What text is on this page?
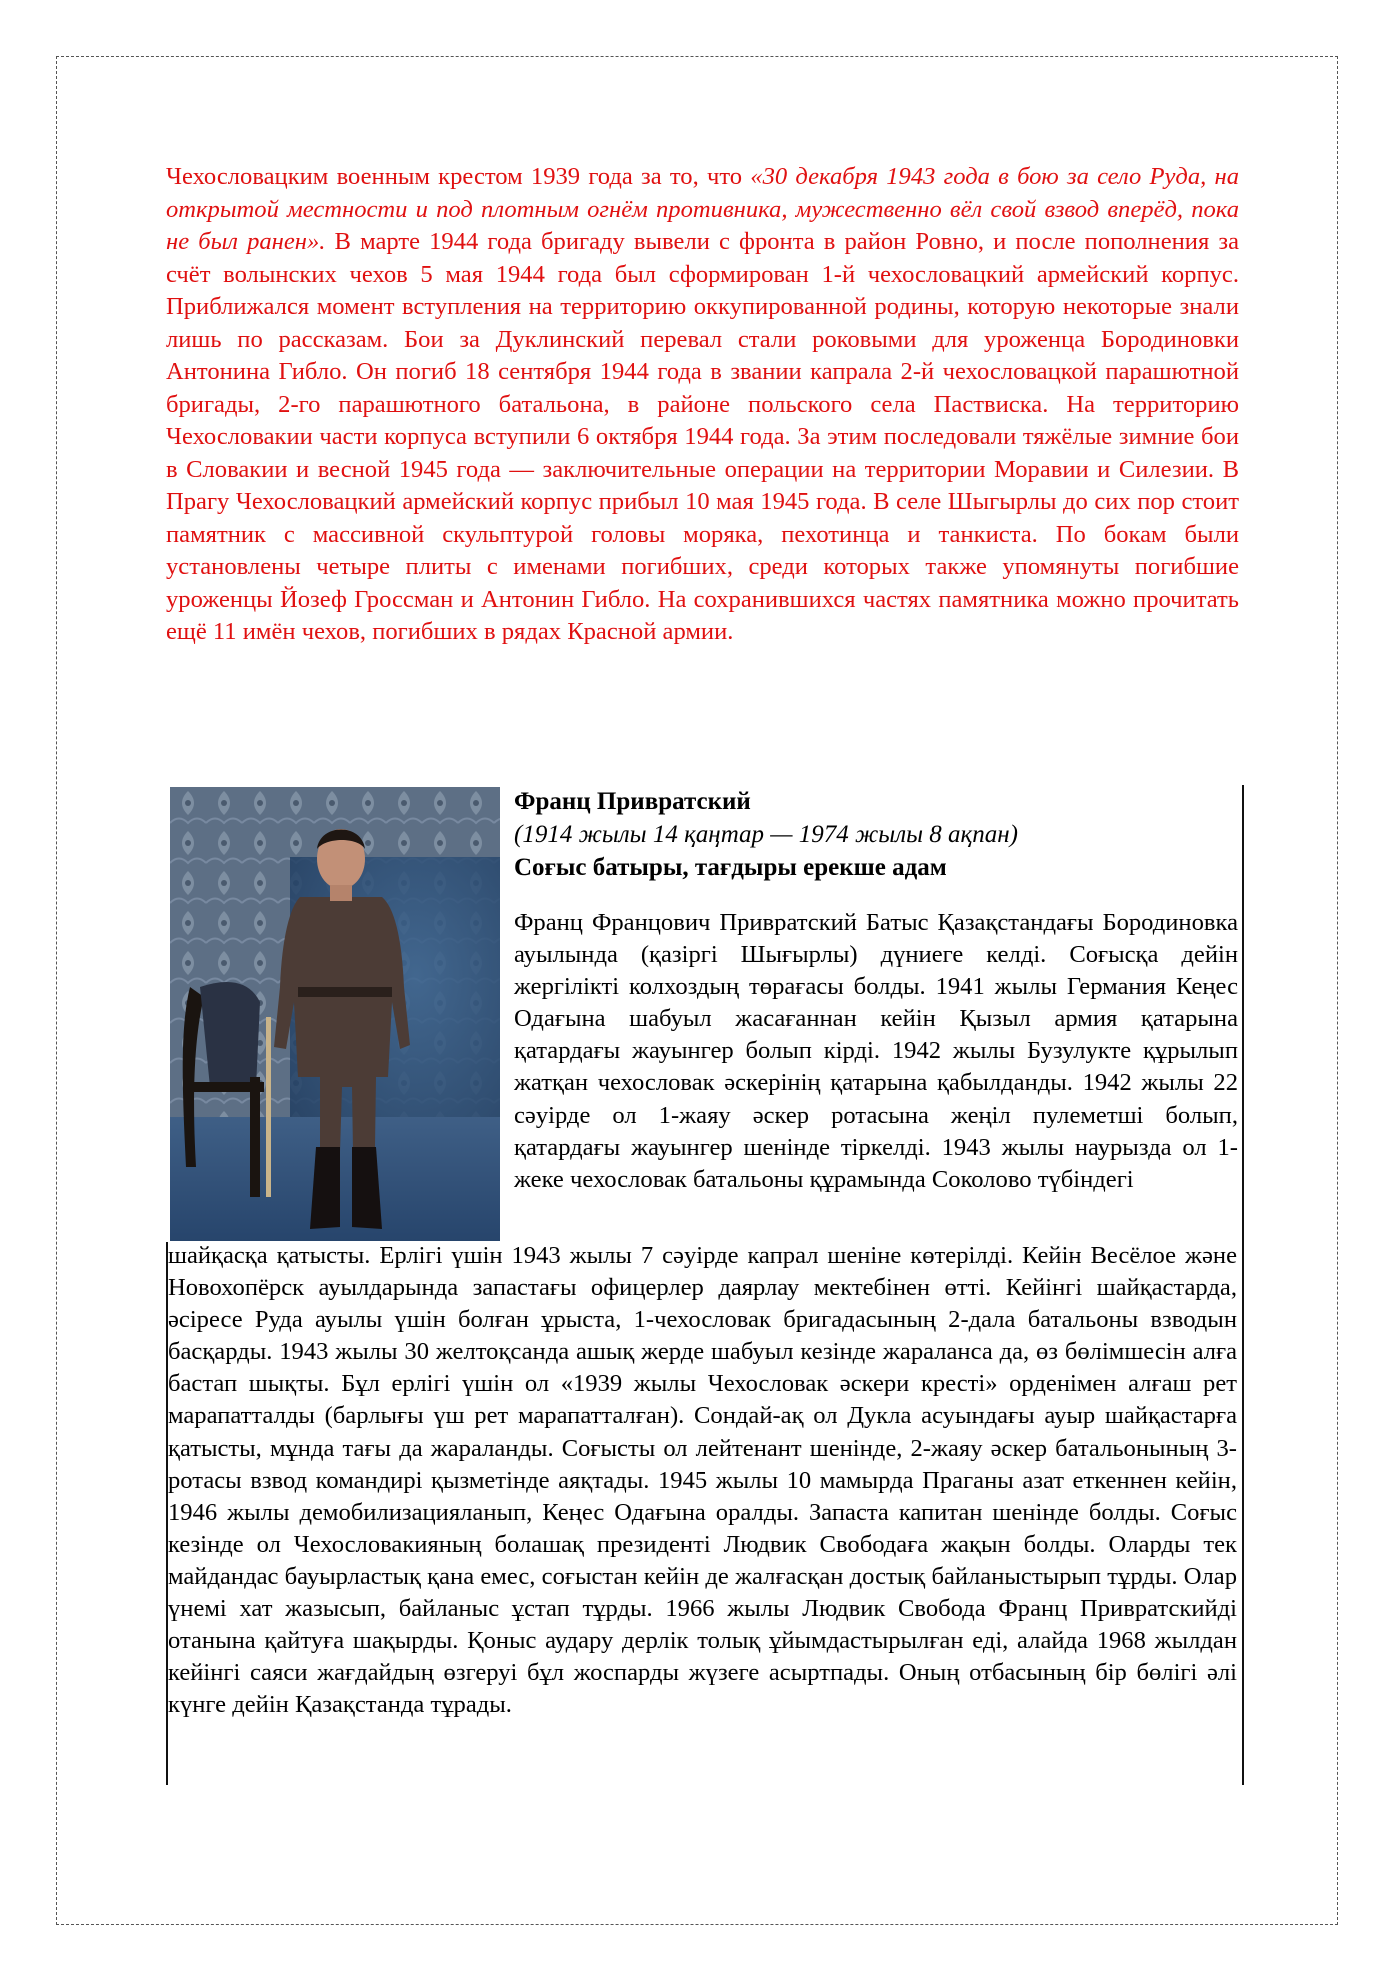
Чехословацким военным крестом 1939 года за то, что «30 декабря 1943 года в бою за село Руда, на открытой местности и под плотным огнём противника, мужественно вёл свой взвод вперёд, пока не был ранен». В марте 1944 года бригаду вывели с фронта в район Ровно, и после пополнения за счёт волынских чехов 5 мая 1944 года был сформирован 1-й чехословацкий армейский корпус. Приближался момент вступления на территорию оккупированной родины, которую некоторые знали лишь по рассказам. Бои за Дуклинский перевал стали роковыми для уроженца Бородиновки Антонина Гибло. Он погиб 18 сентября 1944 года в звании капрала 2-й чехословацкой парашютной бригады, 2-го парашютного батальона, в районе польского села Паствиска. На территорию Чехословакии части корпуса вступили 6 октября 1944 года. За этим последовали тяжёлые зимние бои в Словакии и весной 1945 года — заключительные операции на территории Моравии и Силезии. В Прагу Чехословацкий армейский корпус прибыл 10 мая 1945 года. В селе Шыгырлы до сих пор стоит памятник с массивной скульптурой головы моряка, пехотинца и танкиста. По бокам были установлены четыре плиты с именами погибших, среди которых также упомянуты погибшие уроженцы Йозеф Гроссман и Антонин Гибло. На сохранившихся частях памятника можно прочитать ещё 11 имён чехов, погибших в рядах Красной армии.

Франц Привратский

(1914 жылы 14 қаңтар — 1974 жылы 8 ақпан)

Соғыс батыры, тағдыры ерекше адам

Франц Францович Привратский Батыс Қазақстандағы Бородиновка ауылында (қазіргі Шығырлы) дүниеге келді. Соғысқа дейін жергілікті колхоздың төрағасы болды. 1941 жылы Германия Кеңес Одағына шабуыл жасағаннан кейін Қызыл армия қатарына қатардағы жауынгер болып кірді. 1942 жылы Бузулукте құрылып жатқан чехословак әскерінің қатарына қабылданды. 1942 жылы 22 сәуірде ол 1-жаяу әскер ротасына жеңіл пулеметші болып, қатардағы жауынгер шенінде тіркелді. 1943 жылы наурызда ол 1-жеке чехословак батальоны құрамында Соколово түбіндегі

шайқасқа қатысты. Ерлігі үшін 1943 жылы 7 сәуірде капрал шеніне көтерілді. Кейін Весёлое және Новохопёрск ауылдарында запастағы офицерлер даярлау мектебінен өтті. Кейінгі шайқастарда, әсіресе Руда ауылы үшін болған ұрыста, 1-чехословак бригадасының 2-дала батальоны взводын басқарды. 1943 жылы 30 желтоқсанда ашық жерде шабуыл кезінде жараланса да, өз бөлімшесін алға бастап шықты. Бұл ерлігі үшін ол «1939 жылы Чехословак әскери кресті» орденімен алғаш рет марапатталды (барлығы үш рет марапатталған). Сондай-ақ ол Дукла асуындағы ауыр шайқастарға қатысты, мұнда тағы да жараланды. Соғысты ол лейтенант шенінде, 2-жаяу әскер батальонының 3-ротасы взвод командирі қызметінде аяқтады. 1945 жылы 10 мамырда Праганы азат еткеннен кейін, 1946 жылы демобилизацияланып, Кеңес Одағына оралды. Запаста капитан шенінде болды. Соғыс кезінде ол Чехословакияның болашақ президенті Людвик Свободаға жақын болды. Оларды тек майдандас бауырластық қана емес, соғыстан кейін де жалғасқан достық байланыстырып тұрды. Олар үнемі хат жазысып, байланыс ұстап тұрды. 1966 жылы Людвик Свобода Франц Привратскийді отанына қайтуға шақырды. Қоныс аудару дерлік толық ұйымдастырылған еді, алайда 1968 жылдан кейінгі саяси жағдайдың өзгеруі бұл жоспарды жүзеге асыртпады. Оның отбасының бір бөлігі әлі күнге дейін Қазақстанда тұрады.
